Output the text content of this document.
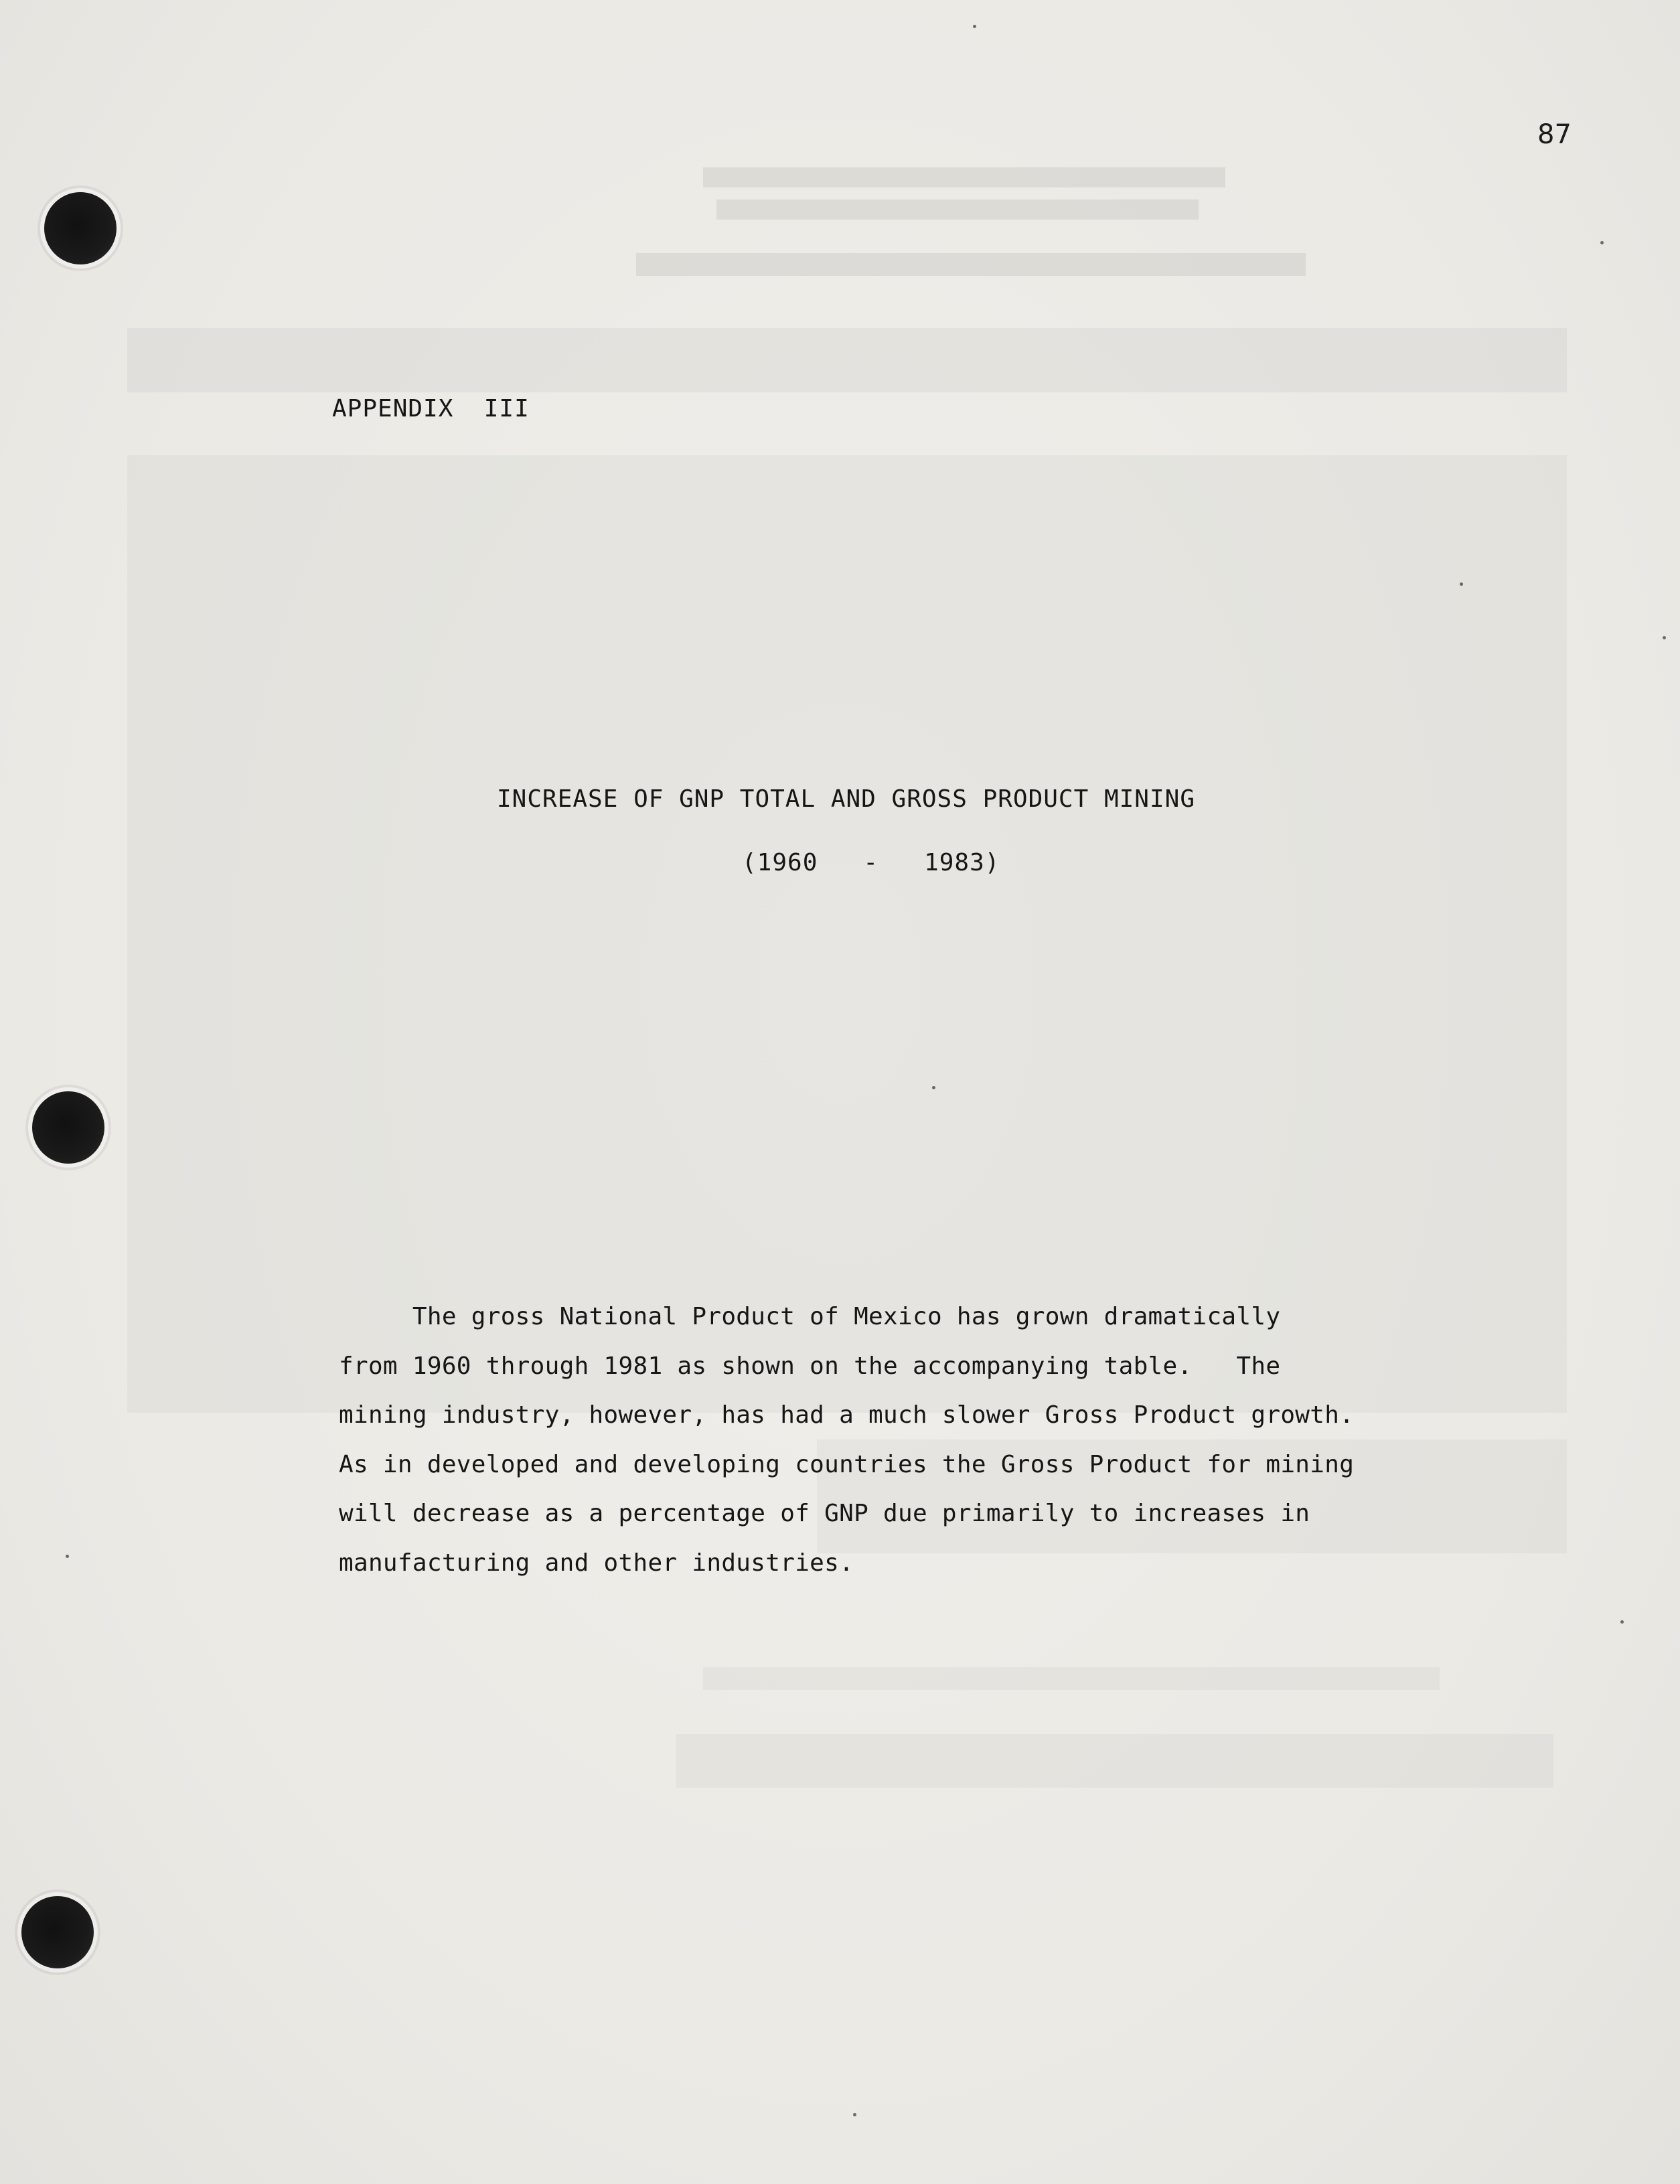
87
APPENDIX  III
INCREASE OF GNP TOTAL AND GROSS PRODUCT MINING
(1960   -   1983)

The gross National Product of Mexico has grown dramatically
from 1960 through 1981 as shown on the accompanying table.   The
mining industry, however, has had a much slower Gross Product growth.
As in developed and developing countries the Gross Product for mining
will decrease as a percentage of GNP due primarily to increases in
manufacturing and other industries.
